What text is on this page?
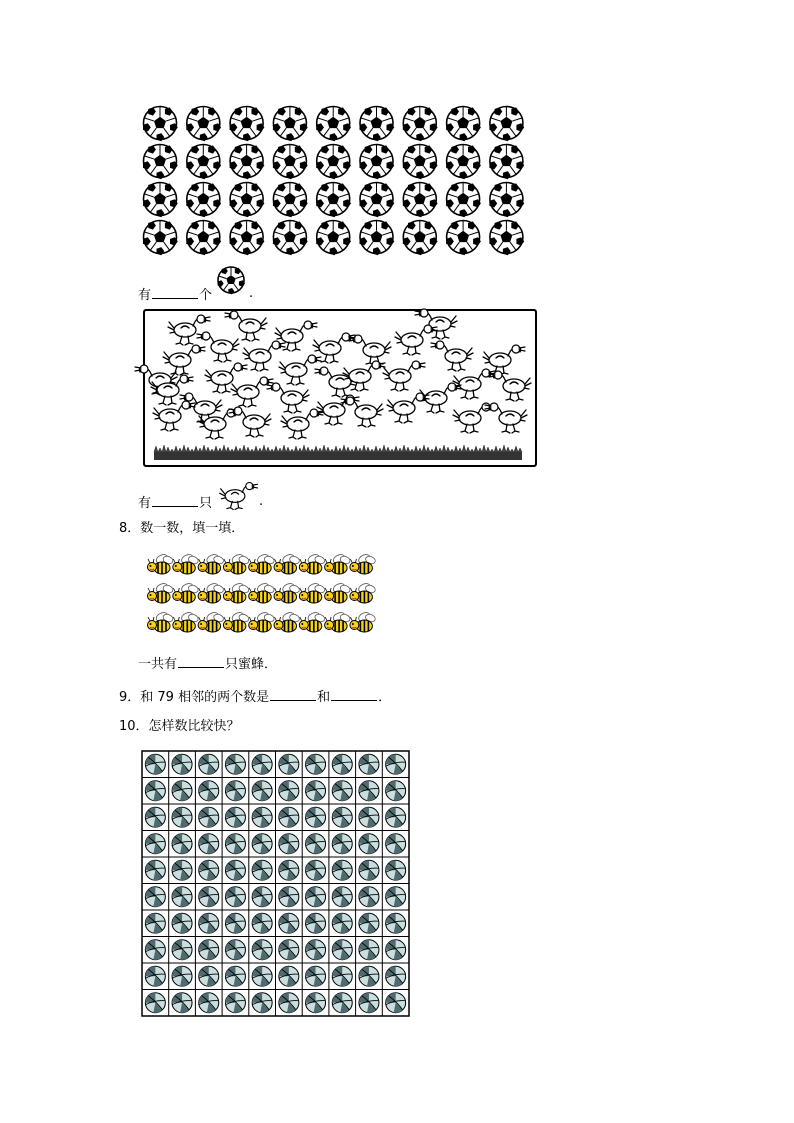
有	个	.
有	只	.
8．数一数，填一填．
一共有	只蜜蜂．
9．和 79 相邻的两个数是	和	．
10．怎样数比较快？
